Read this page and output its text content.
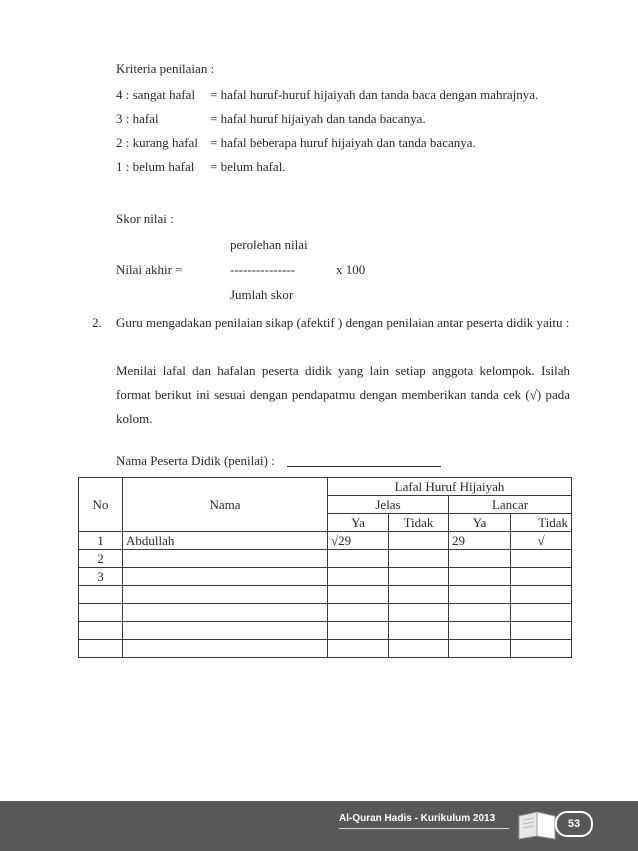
Kriteria penilaian :
4 : sangat hafal = hafal huruf-huruf hijaiyah dan tanda baca dengan mahrajnya.
3 : hafal	= hafal huruf hijaiyah dan tanda bacanya.
2 : kurang hafal = hafal beberapa huruf hijaiyah dan tanda bacanya.
1 : belum hafal = belum hafal.
Skor nilai :
perolehan nilai
Nilai akhir =	---------------	x 100
Jumlah skor
2. Guru mengadakan penilaian sikap (afektif ) dengan penilaian antar peserta didik yaitu :
Menilai lafal dan hafalan peserta didik yang lain setiap anggota kelompok. Isilah format berikut ini sesuai dengan pendapatmu dengan memberikan tanda cek (√) pada kolom.
Nama Peserta Didik (penilai) :
No	Nama	Lafal Huruf Hijaiyah			
		Jelas		Lancar	
		Ya	Tidak	Ya	Tidak
1	Abdullah	√29		29	√
2					
3					

Al-Quran Hadis - Kurikulum 2013	53
